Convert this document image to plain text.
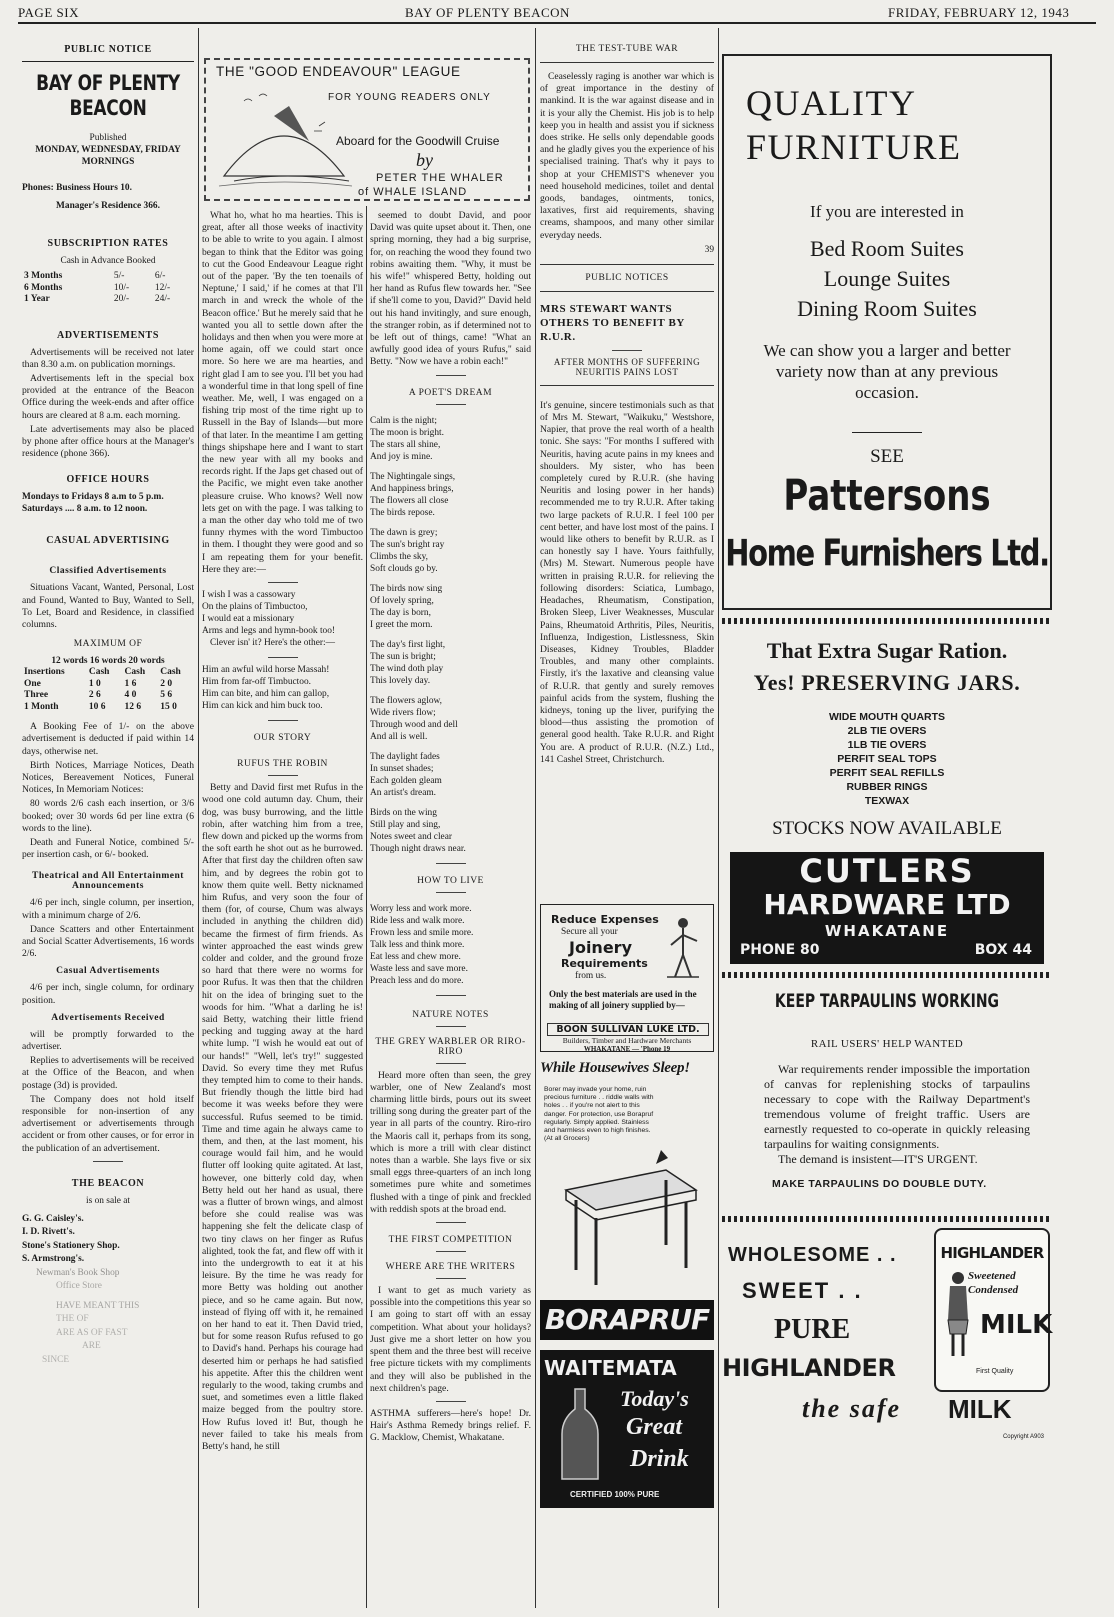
PAGE SIX	BAY OF PLENTY BEACON	FRIDAY, FEBRUARY 12, 1943
PUBLIC NOTICE
BAY OF PLENTY BEACON
Published
MONDAY, WEDNESDAY, FRIDAY MORNINGS
Phones: Business Hours 10.
Manager's Residence 366.
SUBSCRIPTION RATES
Cash in Advance Booked
3 Months	5/-	6/-
6 Months	10/-	12/-
1 Year	20/-	24/-
ADVERTISEMENTS

Advertisements will be received not later than 8.30 a.m. on publication mornings.

Advertisements left in the special box provided at the entrance of the Beacon Office during the week-ends and after office hours are cleared at 8 a.m. each morning.

Late advertisements may also be placed by phone after office hours at the Manager's residence (phone 366).

OFFICE HOURS
Mondays to Fridays 8 a.m to 5 p.m.
Saturdays .... 8 a.m. to 12 noon.
CASUAL ADVERTISING
Classified Advertisements

Situations Vacant, Wanted, Personal, Lost and Found, Wanted to Buy, Wanted to Sell, To Let, Board and Residence, in classified columns.

MAXIMUM OF
12 words 16 words 20 words
Insertions	Cash	Cash	Cash
One	1 0	1 6	2 0
Three	2 6	4 0	5 6
1 Month	10 6	12 6	15 0

A Booking Fee of 1/- on the above advertisement is deducted if paid within 14 days, otherwise net.

Birth Notices, Marriage Notices, Death Notices, Bereavement Notices, Funeral Notices, In Memoriam Notices:

80 words 2/6 cash each insertion, or 3/6 booked; over 30 words 6d per line extra (6 words to the line).

Death and Funeral Notice, combined 5/- per insertion cash, or 6/- booked.

Theatrical and All Entertainment Announcements

4/6 per inch, single column, per insertion, with a minimum charge of 2/6.

Dance Scatters and other Entertainment and Social Scatter Advertisements, 16 words 2/6.

Casual Advertisements

4/6 per inch, single column, for ordinary position.

Advertisements Received

will be promptly forwarded to the advertiser.

Replies to advertisements will be received at the Office of the Beacon, and when postage (3d) is provided.

The Company does not hold itself responsible for non-insertion of any advertisement or advertisements through accident or from other causes, or for error in the publication of an advertisement.

THE BEACON
is on sale at
G. G. Caisley's.
I. D. Rivett's.
Stone's Stationery Shop.
S. Armstrong's.
Newman's Book Shop
Office Store
HAVE MEANT THIS
THE OF
ARE AS OF FAST
ARE
SINCE
THE "GOOD ENDEAVOUR" LEAGUE
FOR YOUNG READERS ONLY
Aboard for the Goodwill Cruise
by
PETER THE WHALER
of WHALE ISLAND

What ho, what ho ma hearties. This is great, after all those weeks of inactivity to be able to write to you again. I almost began to think that the Editor was going to cut the Good Endeavour League right out of the paper. 'By the ten toenails of Neptune,' I said,' if he comes at that I'll march in and wreck the whole of the Beacon office.' But he merely said that he wanted you all to settle down after the holidays and then when you were more at home again, off we could start once more. So here we are ma hearties, and right glad I am to see you. I'll bet you had a wonderful time in that long spell of fine weather. Me, well, I was engaged on a fishing trip most of the time right up to Russell in the Bay of Islands—but more of that later. In the meantime I am getting things shipshape here and I want to start the new year with all my books and records right. If the Japs get chased out of the Pacific, we might even take another pleasure cruise. Who knows? Well now lets get on with the page. I was talking to a man the other day who told me of two funny rhymes with the word Timbuctoo in them. I thought they were good and so I am repeating them for your benefit. Here they are:—

I wish I was a cassowary
On the plains of Timbuctoo,
I would eat a missionary
Arms and legs and hymn-book too!
Clever isn' it? Here's the other:—
Him an awful wild horse Massah!
Him from far-off Timbuctoo.
Him can bite, and him can gallop,
Him can kick and him buck too.
OUR STORY
RUFUS THE ROBIN

Betty and David first met Rufus in the wood one cold autumn day. Chum, their dog, was busy burrowing, and the little robin, after watching him from a tree, flew down and picked up the worms from the soft earth he shot out as he burrowed. After that first day the children often saw him, and by degrees the robin got to know them quite well. Betty nicknamed him Rufus, and very soon the four of them (for, of course, Chum was always included in anything the children did) became the firmest of firm friends. As winter approached the east winds grew colder and colder, and the ground froze so hard that there were no worms for poor Rufus. It was then that the children hit on the idea of bringing suet to the woods for him. "What a darling he is! said Betty, watching their little friend pecking and tugging away at the hard white lump. "I wish he would eat out of our hands!" "Well, let's try!" suggested David. So every time they met Rufus they tempted him to come to their hands. But friendly though the little bird had become it was weeks before they were successful. Rufus seemed to be timid. Time and time again he always came to them, and then, at the last moment, his courage would fail him, and he would flutter off looking quite agitated. At last, however, one bitterly cold day, when Betty held out her hand as usual, there was a flutter of brown wings, and almost before she could realise was was happening she felt the delicate clasp of two tiny claws on her finger as Rufus alighted, took the fat, and flew off with it into the undergrowth to eat it at his leisure. By the time he was ready for more Betty was holding out another piece, and so he came again. But now, instead of flying off with it, he remained on her hand to eat it. Then David tried, but for some reason Rufus refused to go to David's hand. Perhaps his courage had deserted him or perhaps he had satisfied his appetite. After this the children went regularly to the wood, taking crumbs and suet, and sometimes even a little flaked maize begged from the poultry store. How Rufus loved it! But, though he never failed to take his meals from Betty's hand, he still

seemed to doubt David, and poor David was quite upset about it. Then, one spring morning, they had a big surprise, for, on reaching the wood they found two robins awaiting them. "Why, it must be his wife!" whispered Betty, holding out her hand as Rufus flew towards her. "See if she'll come to you, David?" David held out his hand invitingly, and sure enough, the stranger robin, as if determined not to be left out of things, came! "What an awfully good idea of yours Rufus," said Betty. "Now we have a robin each!"

A POET'S DREAM
Calm is the night;
The moon is bright.
The stars all shine,
And joy is mine.
The Nightingale sings,
And happiness brings,
The flowers all close
The birds repose.
The dawn is grey;
The sun's bright ray
Climbs the sky,
Soft clouds go by.
The birds now sing
Of lovely spring,
The day is born,
I greet the morn.
The day's first light,
The sun is bright;
The wind doth play
This lovely day.
The flowers aglow,
Wide rivers flow;
Through wood and dell
And all is well.
The daylight fades
In sunset shades;
Each golden gleam
An artist's dream.
Birds on the wing
Still play and sing,
Notes sweet and clear
Though night draws near.
HOW TO LIVE
Worry less and work more.
Ride less and walk more.
Frown less and smile more.
Talk less and think more.
Eat less and chew more.
Waste less and save more.
Preach less and do more.
NATURE NOTES
THE GREY WARBLER OR RIRO-RIRO

Heard more often than seen, the grey warbler, one of New Zealand's most charming little birds, pours out its sweet trilling song during the greater part of the year in all parts of the country. Riro-riro the Maoris call it, perhaps from its song, which is more a trill with clear distinct notes than a warble. She lays five or six small eggs three-quarters of an inch long sometimes pure white and sometimes flushed with a tinge of pink and freckled with reddish spots at the broad end.

THE FIRST COMPETITION
WHERE ARE THE WRITERS

I want to get as much variety as possible into the competitions this year so I am going to start off with an essay competition. What about your holidays? Just give me a short letter on how you spent them and the three best will receive free picture tickets with my compliments and they will also be published in the next children's page.

ASTHMA sufferers—here's hope! Dr. Hair's Asthma Remedy brings relief. F. G. Macklow, Chemist, Whakatane.

THE TEST-TUBE WAR

Ceaselessly raging is another war which is of great importance in the destiny of mankind. It is the war against disease and in it is your ally the Chemist. His job is to help keep you in health and assist you if sickness does strike. He sells only dependable goods and he gladly gives you the experience of his specialised training. That's why it pays to shop at your CHEMIST'S whenever you need household medicines, toilet and dental goods, bandages, ointments, tonics, laxatives, first aid requirements, shaving creams, shampoos, and many other similar everyday needs.

39
PUBLIC NOTICES
MRS STEWART WANTS OTHERS TO BENEFIT BY R.U.R.
AFTER MONTHS OF SUFFERING NEURITIS PAINS LOST

It's genuine, sincere testimonials such as that of Mrs M. Stewart, "Waikuku," Westshore, Napier, that prove the real worth of a health tonic. She says: "For months I suffered with Neuritis, having acute pains in my knees and shoulders. My sister, who has been completely cured by R.U.R. (she having Neuritis and losing power in her hands) recommended me to try R.U.R. After taking two large packets of R.U.R. I feel 100 per cent better, and have lost most of the pains. I would like others to benefit by R.U.R. as I can honestly say I have. Yours faithfully, (Mrs) M. Stewart. Numerous people have written in praising R.U.R. for relieving the following disorders: Sciatica, Lumbago, Headaches, Rheumatism, Constipation, Broken Sleep, Liver Weaknesses, Muscular Pains, Rheumatoid Arthritis, Piles, Neuritis, Influenza, Indigestion, Listlessness, Skin Diseases, Kidney Troubles, Bladder Troubles, and many other complaints. Firstly, it's the laxative and cleansing value of R.U.R. that gently and surely removes painful acids from the system, flushing the kidneys, toning up the liver, purifying the blood—thus assisting the promotion of general good health. Take R.U.R. and Right You are. A product of R.U.R. (N.Z.) Ltd., 141 Cashel Street, Christchurch.

Reduce Expenses
Secure all your
Joinery
Requirements
from us.
Only the best materials are used in the making of all joinery supplied by—
BOON SULLIVAN LUKE LTD.
Builders, Timber and Hardware Merchants
WHAKATANE — 'Phone 19
While Housewives Sleep!
Borer may invade your home, ruin precious furniture . . riddle walls with holes . . if you're not alert to this danger. For protection, use Borapruf regularly. Simply applied. Stainless and harmless even to high finishes. (At all Grocers)
BORAPRUF
WAITEMATA
Today's
Great
Drink
CERTIFIED 100% PURE
QUALITY
FURNITURE
If you are interested in
Bed Room Suites
Lounge Suites
Dining Room Suites
We can show you a larger and better variety now than at any previous occasion.
SEE
Pattersons
Home Furnishers Ltd.
That Extra Sugar Ration.
Yes! PRESERVING JARS.
WIDE MOUTH QUARTS
2LB TIE OVERS
1LB TIE OVERS
PERFIT SEAL TOPS
PERFIT SEAL REFILLS
RUBBER RINGS
TEXWAX
STOCKS NOW AVAILABLE
CUTLERS
HARDWARE LTD
WHAKATANE
PHONE 80	BOX 44
KEEP TARPAULINS WORKING
RAIL USERS' HELP WANTED
War requirements render impossible the importation of canvas for replenishing stocks of tarpaulins necessary to cope with the Railway Department's tremendous volume of freight traffic. Users are earnestly requested to co-operate in quickly releasing tarpaulins for waiting consignments.
The demand is insistent—IT'S URGENT.
MAKE TARPAULINS DO DOUBLE DUTY.
WHOLESOME . .
SWEET . .
PURE
HIGHLANDER
the safe MILK
HIGHLANDER
Sweetened
Condensed
MILK
First Quality
Copyright A903
